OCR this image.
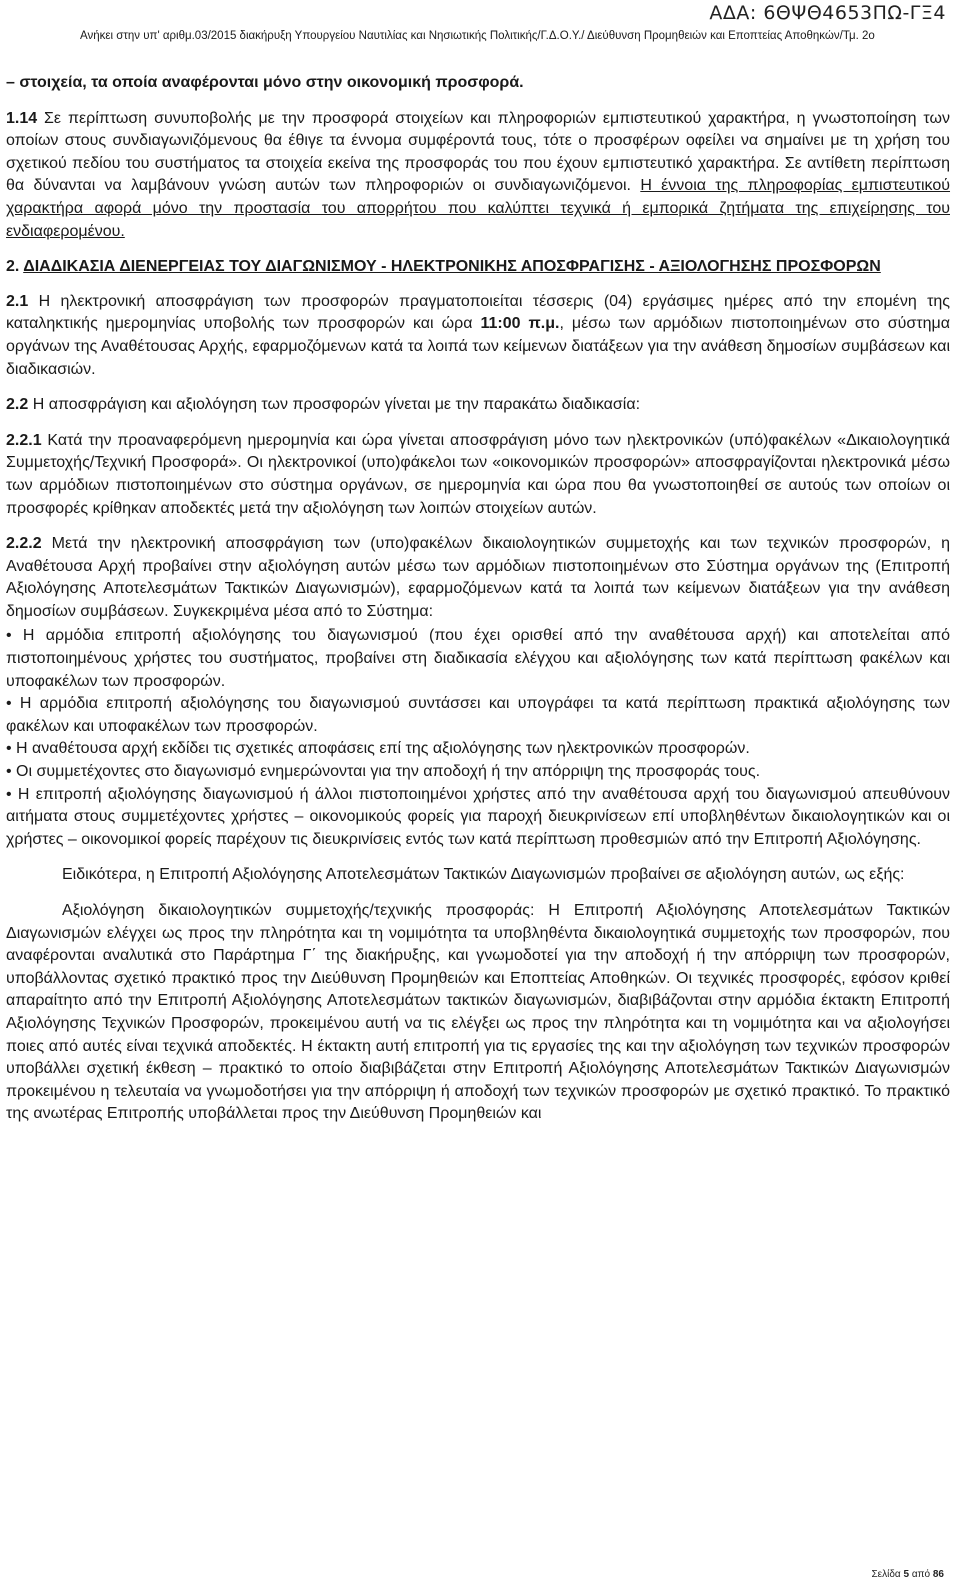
ΑΔΑ: 6ΘΨΘ4653ΠΩ-ΓΞ4
Ανήκει στην υπ' αριθμ.03/2015 διακήρυξη Υπουργείου Ναυτιλίας και Νησιωτικής Πολιτικής/Γ.Δ.Ο.Υ./ Διεύθυνση Προμηθειών και Εποπτείας Αποθηκών/Τμ. 2ο

– στοιχεία, τα οποία αναφέρονται μόνο στην οικονομική προσφορά.

1.14 Σε περίπτωση συνυποβολής με την προσφορά στοιχείων και πληροφοριών εμπιστευτικού χαρακτήρα, η γνωστοποίηση των οποίων στους συνδιαγωνιζόμενους θα έθιγε τα έννομα συμφέροντά τους, τότε ο προσφέρων οφείλει να σημαίνει με τη χρήση του σχετικού πεδίου του συστήματος τα στοιχεία εκείνα της προσφοράς του που έχουν εμπιστευτικό χαρακτήρα. Σε αντίθετη περίπτωση θα δύνανται να λαμβάνουν γνώση αυτών των πληροφοριών οι συνδιαγωνιζόμενοι. Η έννοια της πληροφορίας εμπιστευτικού χαρακτήρα αφορά μόνο την προστασία του απορρήτου που καλύπτει τεχνικά ή εμπορικά ζητήματα της επιχείρησης του ενδιαφερομένου.

2. ΔΙΑΔΙΚΑΣΙΑ ΔΙΕΝΕΡΓΕΙΑΣ ΤΟΥ ΔΙΑΓΩΝΙΣΜΟΥ - ΗΛΕΚΤΡΟΝΙΚΗΣ ΑΠΟΣΦΡΑΓΙΣΗΣ - ΑΞΙΟΛΟΓΗΣΗΣ ΠΡΟΣΦΟΡΩΝ

2.1 Η ηλεκτρονική αποσφράγιση των προσφορών πραγματοποιείται τέσσερις (04) εργάσιμες ημέρες από την επομένη της καταληκτικής ημερομηνίας υποβολής των προσφορών και ώρα 11:00 π.μ., μέσω των αρμόδιων πιστοποιημένων στο σύστημα οργάνων της Αναθέτουσας Αρχής, εφαρμοζόμενων κατά τα λοιπά των κείμενων διατάξεων για την ανάθεση δημοσίων συμβάσεων και διαδικασιών.

2.2 Η αποσφράγιση και αξιολόγηση των προσφορών γίνεται με την παρακάτω διαδικασία:

2.2.1 Κατά την προαναφερόμενη ημερομηνία και ώρα γίνεται αποσφράγιση μόνο των ηλεκτρονικών (υπό)φακέλων «Δικαιολογητικά Συμμετοχής/Τεχνική Προσφορά». Οι ηλεκτρονικοί (υπο)φάκελοι των «οικονομικών προσφορών» αποσφραγίζονται ηλεκτρονικά μέσω των αρμόδιων πιστοποιημένων στο σύστημα οργάνων, σε ημερομηνία και ώρα που θα γνωστοποιηθεί σε αυτούς των οποίων οι προσφορές κρίθηκαν αποδεκτές μετά την αξιολόγηση των λοιπών στοιχείων αυτών.

2.2.2 Μετά την ηλεκτρονική αποσφράγιση των (υπο)φακέλων δικαιολογητικών συμμετοχής και των τεχνικών προσφορών, η Αναθέτουσα Αρχή προβαίνει στην αξιολόγηση αυτών μέσω των αρμόδιων πιστοποιημένων στο Σύστημα οργάνων της (Επιτροπή Αξιολόγησης Αποτελεσμάτων Τακτικών Διαγωνισμών), εφαρμοζόμενων κατά τα λοιπά των κείμενων διατάξεων για την ανάθεση δημοσίων συμβάσεων. Συγκεκριμένα μέσα από το Σύστημα:

• Η αρμόδια επιτροπή αξιολόγησης του διαγωνισμού (που έχει ορισθεί από την αναθέτουσα αρχή) και αποτελείται από πιστοποιημένους χρήστες του συστήματος, προβαίνει στη διαδικασία ελέγχου και αξιολόγησης των κατά περίπτωση φακέλων και υποφακέλων των προσφορών.

• Η αρμόδια επιτροπή αξιολόγησης του διαγωνισμού συντάσσει και υπογράφει τα κατά περίπτωση πρακτικά αξιολόγησης των φακέλων και υποφακέλων των προσφορών.

• Η αναθέτουσα αρχή εκδίδει τις σχετικές αποφάσεις επί της αξιολόγησης των ηλεκτρονικών προσφορών.

• Οι συμμετέχοντες στο διαγωνισμό ενημερώνονται για την αποδοχή ή την απόρριψη της προσφοράς τους.

• Η επιτροπή αξιολόγησης διαγωνισμού ή άλλοι πιστοποιημένοι χρήστες από την αναθέτουσα αρχή του διαγωνισμού απευθύνουν αιτήματα στους συμμετέχοντες χρήστες – οικονομικούς φορείς για παροχή διευκρινίσεων επί υποβληθέντων δικαιολογητικών και οι χρήστες – οικονομικοί φορείς παρέχουν τις διευκρινίσεις εντός των κατά περίπτωση προθεσμιών από την Επιτροπή Αξιολόγησης.

Ειδικότερα, η Επιτροπή Αξιολόγησης Αποτελεσμάτων Τακτικών Διαγωνισμών προβαίνει σε αξιολόγηση αυτών, ως εξής:

Αξιολόγηση δικαιολογητικών συμμετοχής/τεχνικής προσφοράς: Η Επιτροπή Αξιολόγησης Αποτελεσμάτων Τακτικών Διαγωνισμών ελέγχει ως προς την πληρότητα και τη νομιμότητα τα υποβληθέντα δικαιολογητικά συμμετοχής των προσφορών, που αναφέρονται αναλυτικά στο Παράρτημα Γ΄ της διακήρυξης, και γνωμοδοτεί για την αποδοχή ή την απόρριψη των προσφορών, υποβάλλοντας σχετικό πρακτικό προς την Διεύθυνση Προμηθειών και Εποπτείας Αποθηκών. Οι τεχνικές προσφορές, εφόσον κριθεί απαραίτητο από την Επιτροπή Αξιολόγησης Αποτελεσμάτων τακτικών διαγωνισμών, διαβιβάζονται στην αρμόδια έκτακτη Επιτροπή Αξιολόγησης Τεχνικών Προσφορών, προκειμένου αυτή να τις ελέγξει ως προς την πληρότητα και τη νομιμότητα και να αξιολογήσει ποιες από αυτές είναι τεχνικά αποδεκτές. Η έκτακτη αυτή επιτροπή για τις εργασίες της και την αξιολόγηση των τεχνικών προσφορών υποβάλλει σχετική έκθεση – πρακτικό το οποίο διαβιβάζεται στην Επιτροπή Αξιολόγησης Αποτελεσμάτων Τακτικών Διαγωνισμών προκειμένου η τελευταία να γνωμοδοτήσει για την απόρριψη ή αποδοχή των τεχνικών προσφορών με σχετικό πρακτικό. Το πρακτικό της ανωτέρας Επιτροπής υποβάλλεται προς την Διεύθυνση Προμηθειών και

Σελίδα 5 από 86
